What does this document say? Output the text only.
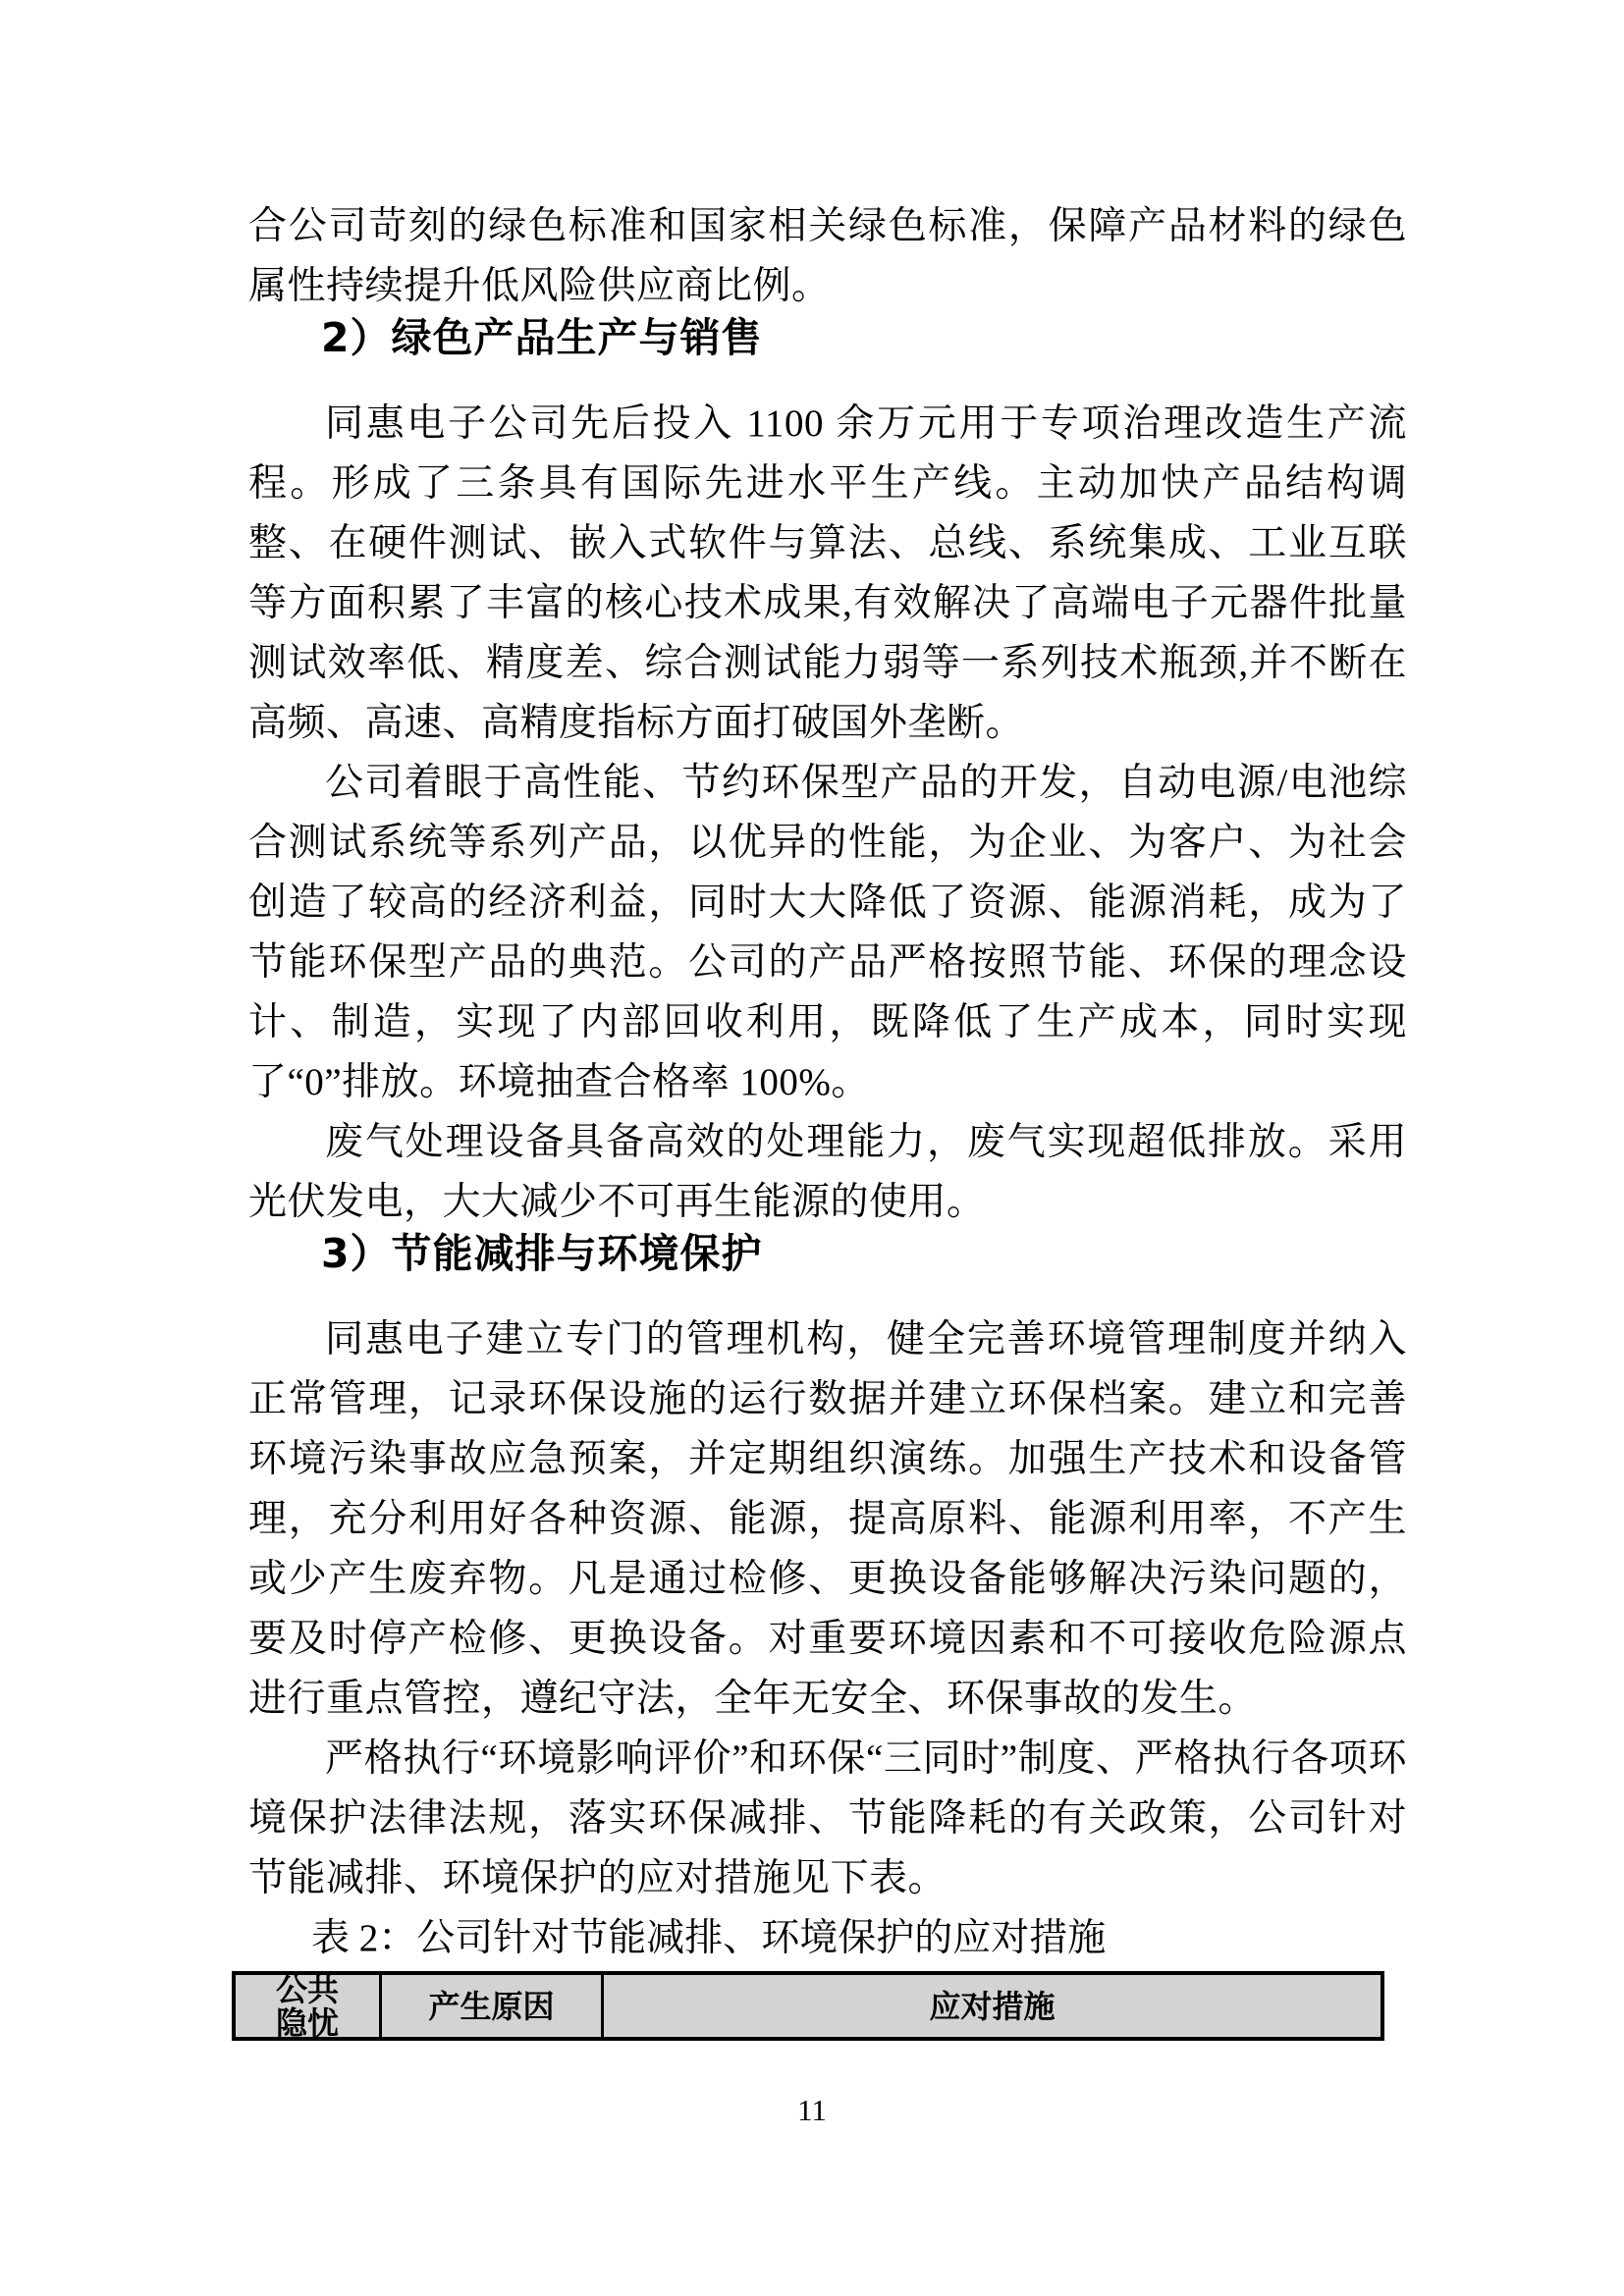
合公司苛刻的绿色标准和国家相关绿色标准，保障产品材料的绿色属性持续提升低风险供应商比例。

2）绿色产品生产与销售

同惠电子公司先后投入 1100 余万元用于专项治理改造生产流程。形成了三条具有国际先进水平生产线。主动加快产品结构调整、在硬件测试、嵌入式软件与算法、总线、系统集成、工业互联等方面积累了丰富的核心技术成果,有效解决了高端电子元器件批量测试效率低、精度差、综合测试能力弱等一系列技术瓶颈,并不断在高频、高速、高精度指标方面打破国外垄断。

公司着眼于高性能、节约环保型产品的开发，自动电源/电池综合测试系统等系列产品，以优异的性能，为企业、为客户、为社会创造了较高的经济利益，同时大大降低了资源、能源消耗，成为了节能环保型产品的典范。公司的产品严格按照节能、环保的理念设计、制造，实现了内部回收利用，既降低了生产成本，同时实现了“0”排放。环境抽查合格率 100%。

废气处理设备具备高效的处理能力，废气实现超低排放。采用光伏发电，大大减少不可再生能源的使用。

3）节能减排与环境保护

同惠电子建立专门的管理机构，健全完善环境管理制度并纳入正常管理，记录环保设施的运行数据并建立环保档案。建立和完善环境污染事故应急预案，并定期组织演练。加强生产技术和设备管理，充分利用好各种资源、能源，提高原料、能源利用率，不产生或少产生废弃物。凡是通过检修、更换设备能够解决污染问题的，要及时停产检修、更换设备。对重要环境因素和不可接收危险源点进行重点管控，遵纪守法，全年无安全、环保事故的发生。

严格执行“环境影响评价”和环保“三同时”制度、严格执行各项环境保护法律法规，落实环保减排、节能降耗的有关政策，公司针对节能减排、环境保护的应对措施见下表。

表 2：公司针对节能减排、环境保护的应对措施

公共隐忧	产生原因	应对措施
11
